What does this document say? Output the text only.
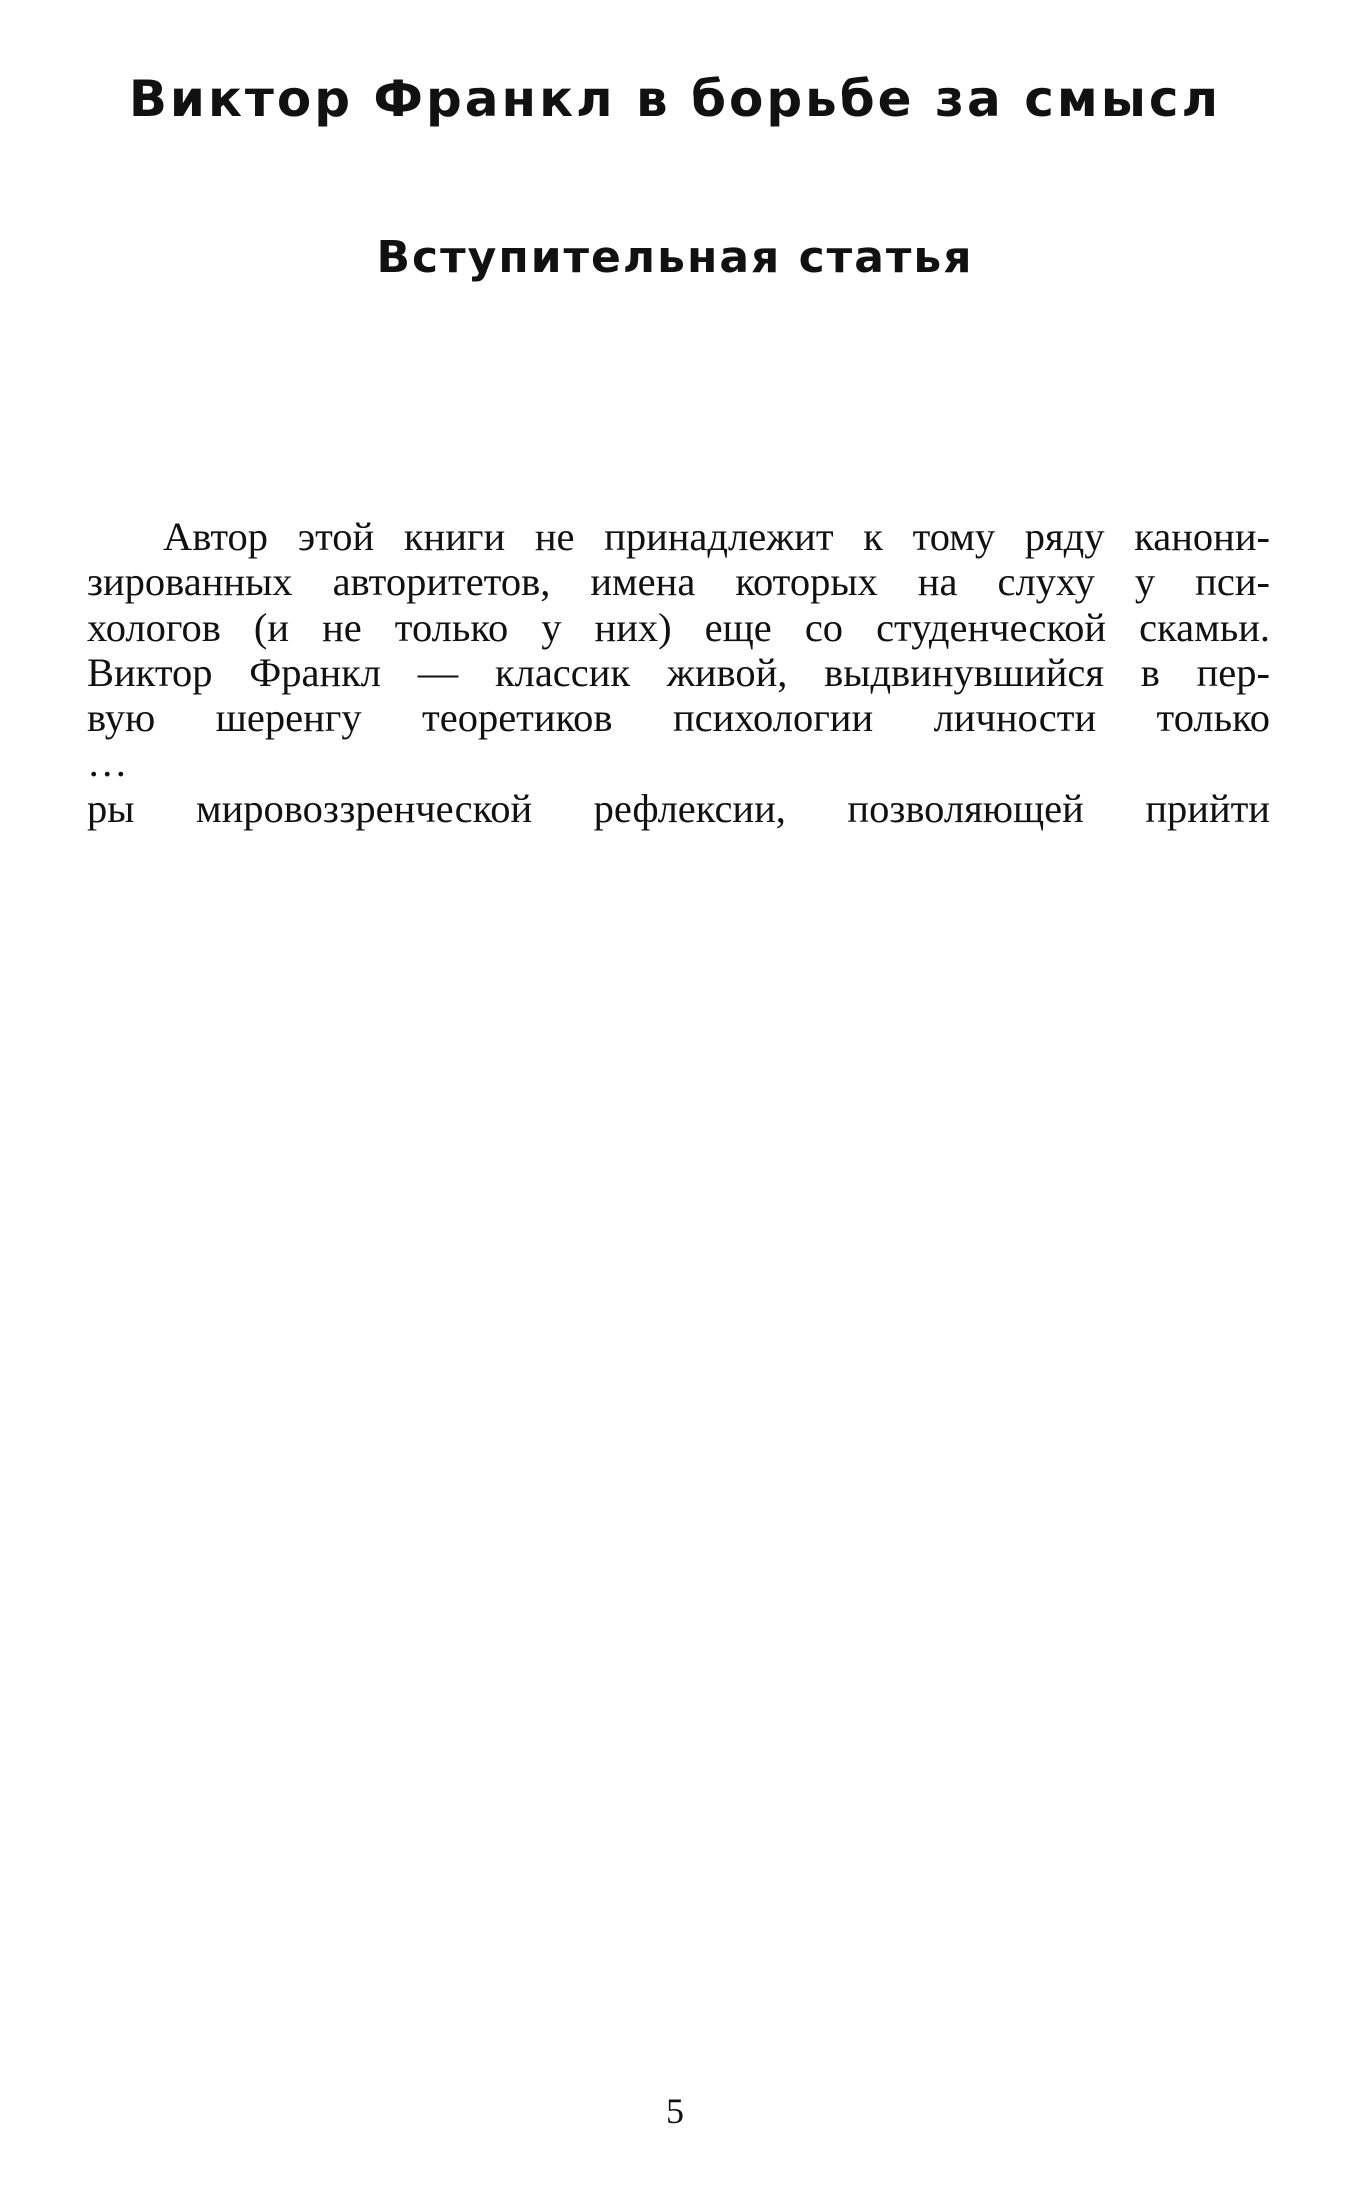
Виктор Франкл в борьбе за смысл
Вступительная статья
Автор этой книги не принадлежит к тому ряду канони-
зированных авторитетов, имена которых на слуху у пси-
хологов (и не только у них) еще со студенческой скамьи.
Виктор Франкл — классик живой, выдвинувшийся в пер-
вую шеренгу теоретиков психологии личности только
…
ры мировоззренческой рефлексии, позволяющей прийти
5
